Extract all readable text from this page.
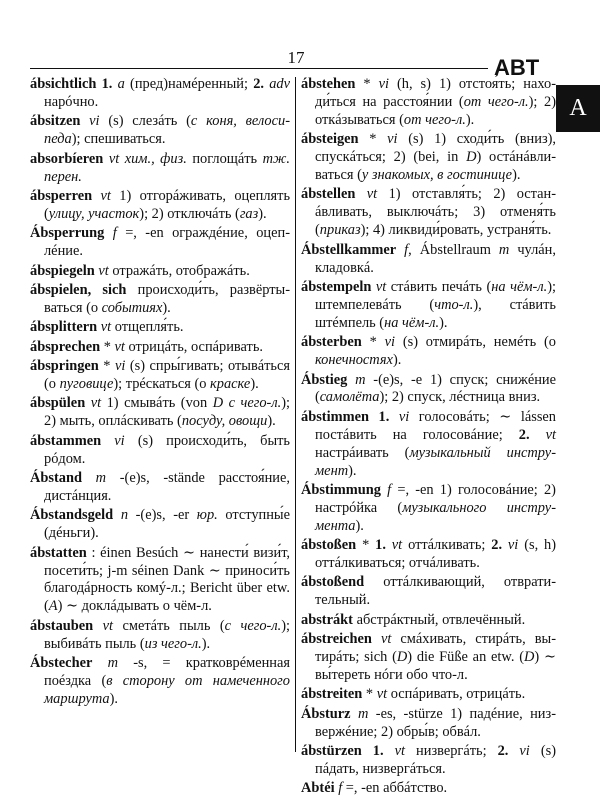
17	ABT
A

ábsichtlich 1. a (пред)намéренный; 2. adv нарóчно.

ábsitzen vi (s) слезáть (с коня, велосипеда); спешиваться.

absorbíeren vt хим., физ. поглощáть тж. перен.

ábsperren vt 1) отгорáживать, оцеплять (улицу, участок); 2) отключáть (газ).

Ábsperrung f =, -en ограждéние, оцеплéние.

ábspiegeln vt отражáть, отображáть.

ábspielen, sich происходи́ть, развёртываться (о событиях).

ábsplittern vt отщепля́ть.

ábsprechen * vt отрицáть, оспáривать.

ábspringen * vi (s) спры́гивать; отывáться (о пуговице); трéскаться (о краске).

ábspülen vt 1) смывáть (von D с чего-л.); 2) мыть, оплáскивать (посуду, овощи).

ábstammen vi (s) происходи́ть, быть рóдом.

Ábstand m -(e)s, -stände расстоя́ние, дистáнция.

Ábstandsgeld n -(e)s, -er юр. отступны́е (дéньги).

ábstatten : éinen Besúch ∼ нанести́ визи́т, посети́ть; j-m séinen Dank ∼ приноси́ть благодáрность комý-л.; Bericht über etw. (A) ∼ доклáдывать о чём-л.

ábstauben vt сметáть пыль (с чего-л.); выбивáть пыль (из чего-л.).

Ábstecher m -s, = кратковрéменная поéздка (в сторону от намеченного маршрута).

ábstehen * vi (h, s) 1) отстоя́ть; находи́ться на расстоя́нии (от чего-л.); 2) откáзываться (от чего-л.).

ábsteigen * vi (s) 1) сходи́ть (вниз), спускáться; 2) (bei, in D) остáнáвливаться (у знакомых, в гостинице).

ábstellen vt 1) отставля́ть; 2) останáвливать, выключáть; 3) отменя́ть (приказ); 4) ликвиди́ровать, устраня́ть.

Ábstellkammer f, Ábstellraum m чулáн, кладовкá.

ábstempeln vt стáвить печáть (на чём-л.); штемпелевáть (что-л.), стáвить штéмпель (на чём-л.).

ábsterben * vi (s) отмирáть, немéть (о конечностях).

Ábstieg m -(e)s, -e 1) спуск; снижéние (самолёта); 2) спуск, лéстница вниз.

ábstimmen 1. vi голосовáть; ∼ lássen постáвить на голосовáние; 2. vt настрáивать (музыкальный инструмент).

Ábstimmung f =, -en 1) голосовáние; 2) настрóйка (музыкального инструмента).

ábstoßen * 1. vt оттáлкивать; 2. vi (s, h) оттáлкиваться; отчáливать.

ábstoßend оттáлкивающий, отвратительный.

abstrákt абстрáктный, отвлечённый.

ábstreichen vt смáхивать, стирáть, вытирáть; sich (D) die Füße an etw. (D) ∼ вы́тереть нóги обо что-л.

ábstreiten * vt оспáривать, отрицáть.

Ábsturz m -es, -stürze 1) падéние, низвержéние; 2) обры́в; обвáл.

ábstürzen 1. vt низвергáть; 2. vi (s) пáдать, низвергáться.

Abtéi f =, -en аббáтство.
